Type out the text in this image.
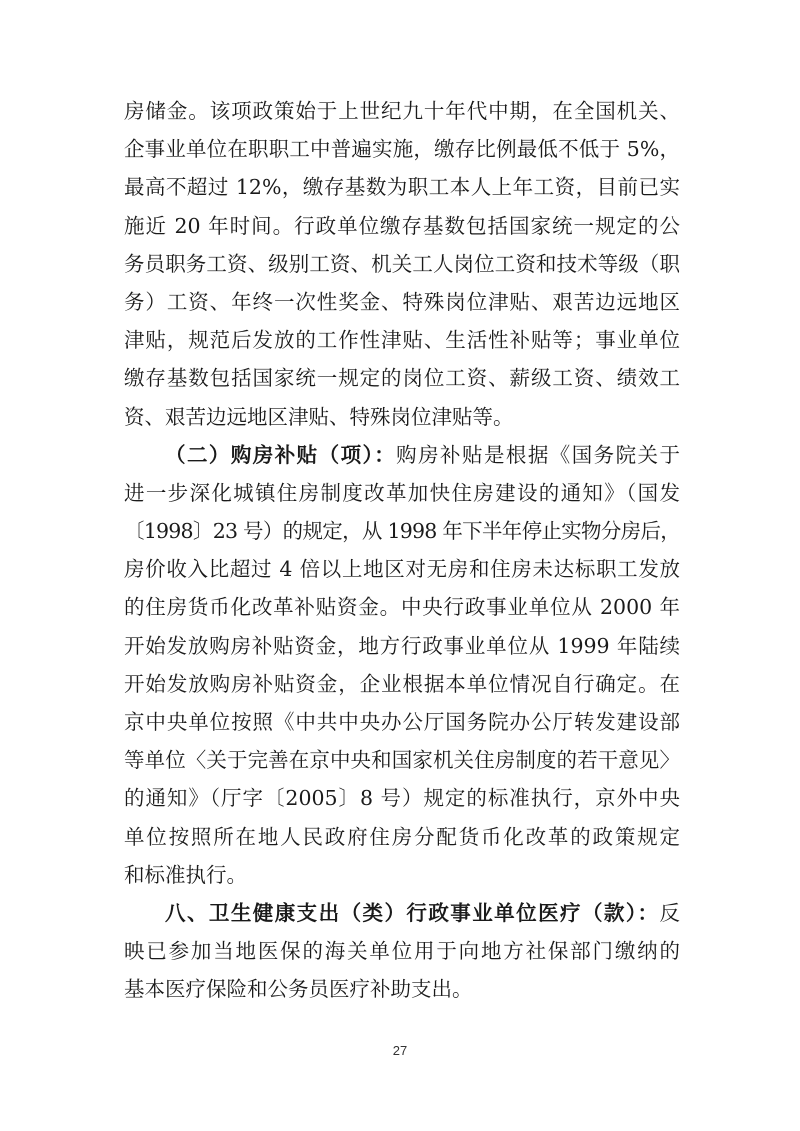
房储金。该项政策始于上世纪九十年代中期，在全国机关、
企事业单位在职职工中普遍实施，缴存比例最低不低于 5%，
最高不超过 12%，缴存基数为职工本人上年工资，目前已实
施近 20 年时间。行政单位缴存基数包括国家统一规定的公
务员职务工资、级别工资、机关工人岗位工资和技术等级（职
务）工资、年终一次性奖金、特殊岗位津贴、艰苦边远地区
津贴，规范后发放的工作性津贴、生活性补贴等；事业单位
缴存基数包括国家统一规定的岗位工资、薪级工资、绩效工
资、艰苦边远地区津贴、特殊岗位津贴等。
（二）购房补贴（项）：购房补贴是根据《国务院关于
进一步深化城镇住房制度改革加快住房建设的通知》（国发
〔1998〕23 号）的规定，从 1998 年下半年停止实物分房后，
房价收入比超过 4 倍以上地区对无房和住房未达标职工发放
的住房货币化改革补贴资金。中央行政事业单位从 2000 年
开始发放购房补贴资金，地方行政事业单位从 1999 年陆续
开始发放购房补贴资金，企业根据本单位情况自行确定。在
京中央单位按照《中共中央办公厅国务院办公厅转发建设部
等单位〈关于完善在京中央和国家机关住房制度的若干意见〉
的通知》（厅字〔2005〕8 号）规定的标准执行，京外中央
单位按照所在地人民政府住房分配货币化改革的政策规定
和标准执行。
八、卫生健康支出（类）行政事业单位医疗（款）：反
映已参加当地医保的海关单位用于向地方社保部门缴纳的
基本医疗保险和公务员医疗补助支出。
27
